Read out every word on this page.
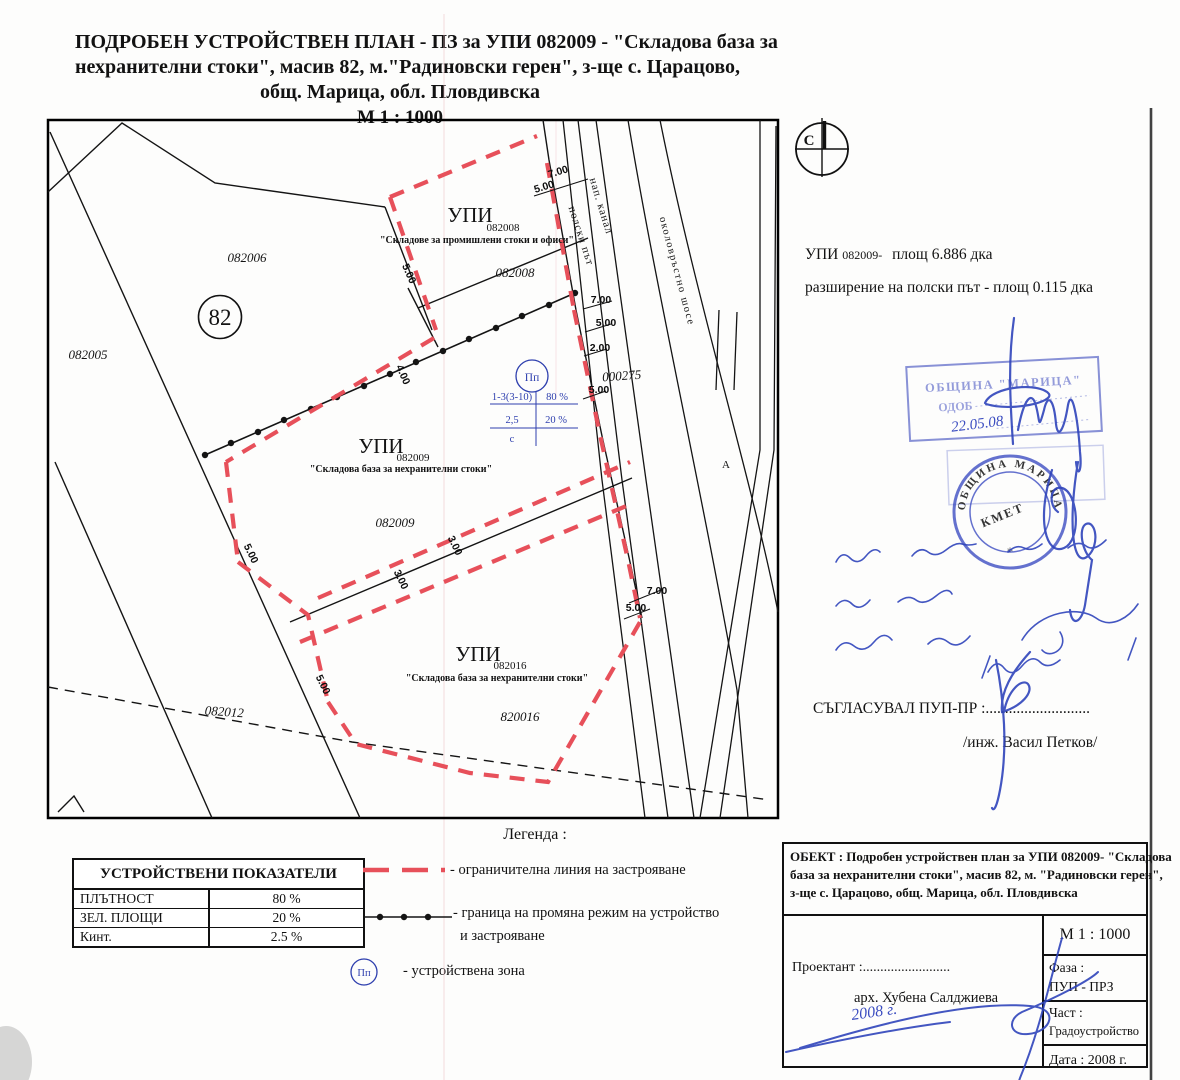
ПОДРОБЕН УСТРОЙСТВЕН ПЛАН - ПЗ за УПИ 082009 - "Складова база за
нехранителни стоки", масив 82, м."Радиновски герен", з-ще с. Царацово,
общ. Марица, обл. Пловдивска
М 1 : 1000
УПИ 082009- площ 6.886 дка
разширение на полски път - площ 0.115 дка
СЪГЛАСУВАЛ ПУП-ПР :...........................
/инж. Васил Петков/
Легенда :
- ограничителна линия на застрояване
- граница на промяна режим на устройство
и застрояване
- устройствена зона
УСТРОЙСТВЕНИ ПОКАЗАТЕЛИ
ПЛЪТНОСТ	80 %
ЗЕЛ. ПЛОЩИ	20 %
Кинт.	2.5 %
ОБЕКТ : Подробен устройствен план за УПИ 082009- "Складова
база за нехранителни стоки", масив 82, м. "Радиновски герен",
з-ще с. Царацово, общ. Марица, обл. Пловдивска
Проектант :.........................
арх. Хубена Салджиева
М 1 : 1000
Фаза :
ПУП - ПРЗ
Част :
Градоустройство
Дата : 2008 г.
С
82
082006
082005
082012
082008
082009
820016
000275
А
УПИ
082008
"Складове за промишлени стоки и офиси"
УПИ
082009
"Складова база за нехранителни стоки"
УПИ
082016
"Складова база за нехранителни стоки"
полски път
нап. канал
околовръстно шосе
Пп
1-3(3-10) 80 %
2,5	20 %
с
7.00
5.00
5.00
7.00
5.00
2.00
5.00
4.00
3.00
3.00
5.00
5.00
7.00
5.00
Пп
ОБЩИНА "МАРИЦА"
ОДОБ
22.05.08
ОБЩИНА МАРИЦА
КМЕТ
*
2008 г.
